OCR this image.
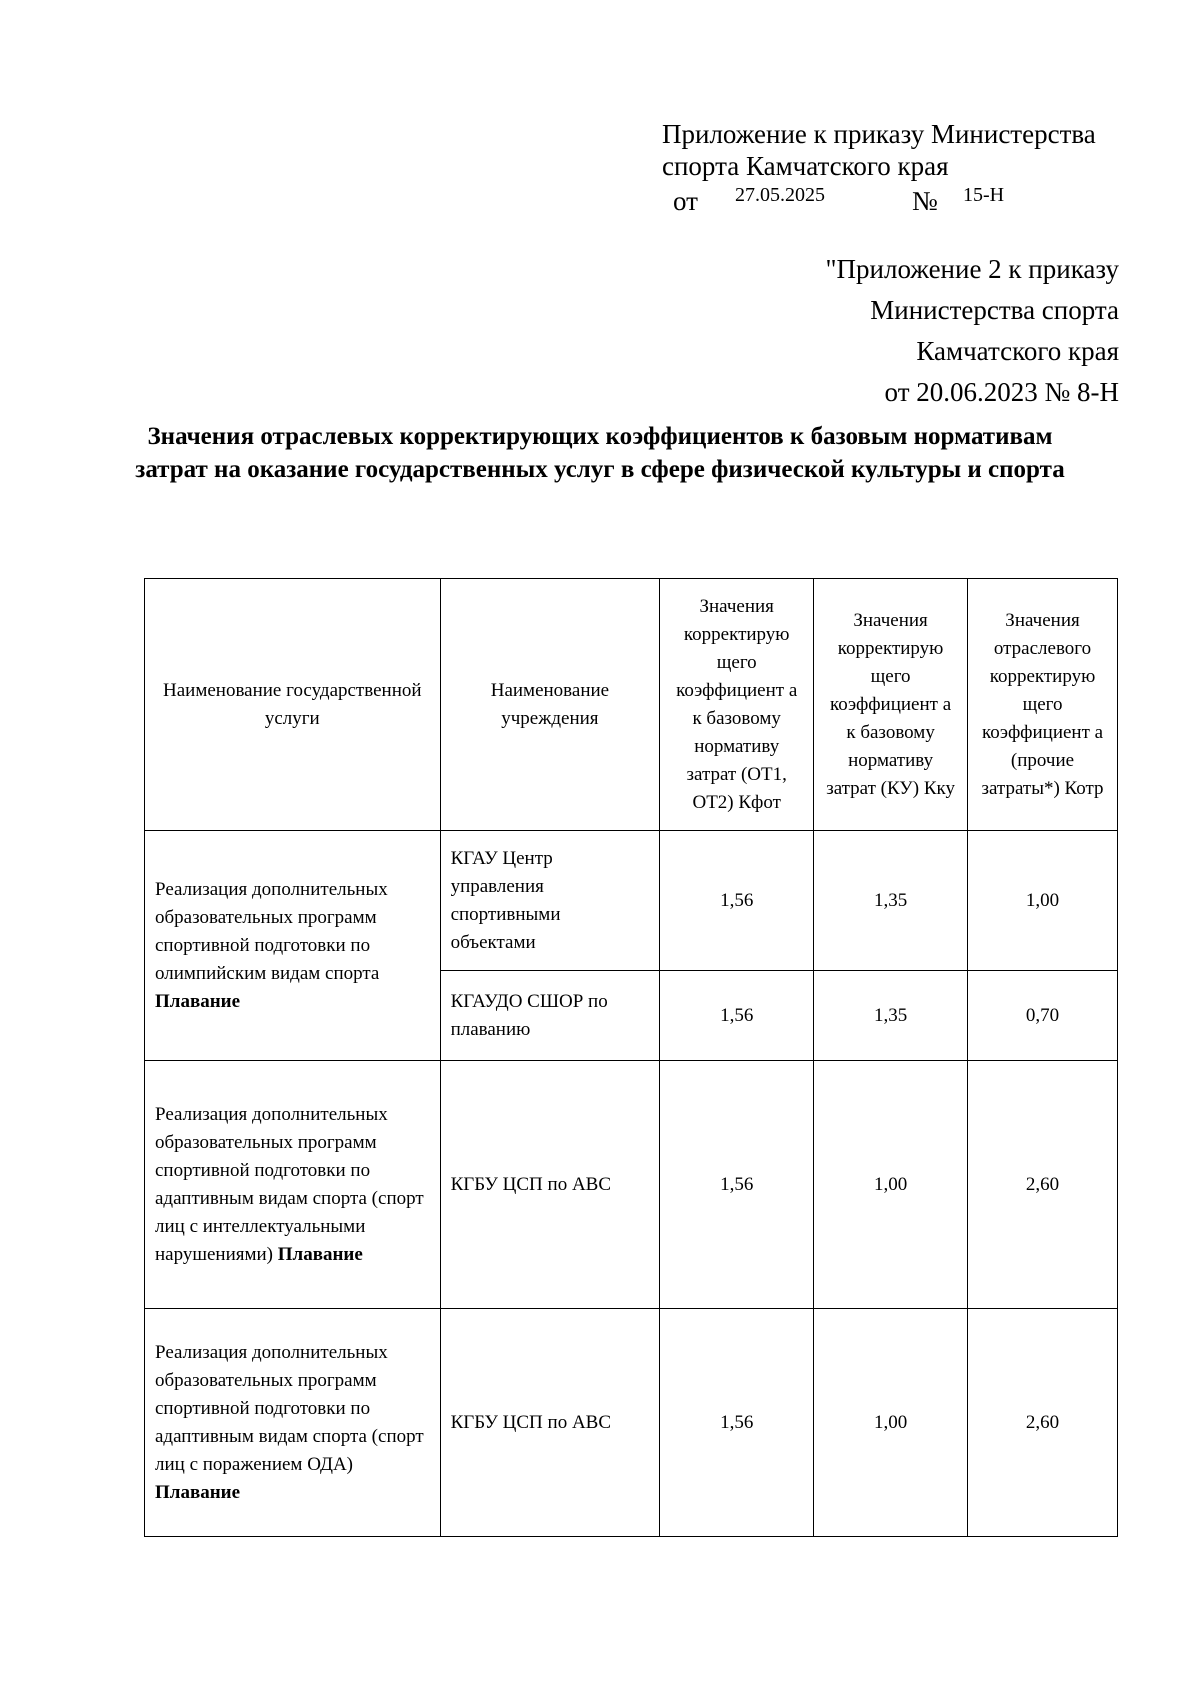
Приложение к приказу Министерства
спорта Камчатского края
от 27.05.2025	№ 15-Н
"Приложение 2 к приказу
Министерства спорта
Камчатского края
от 20.06.2023 № 8-Н
Значения отраслевых корректирующих коэффициентов к базовым нормативам затрат на оказание государственных услуг в сфере физической культуры и спорта
Наименование государственной услуги	Наименование учреждения	Значения корректирую щего коэффициент а к базовому нормативу затрат (ОТ1, ОТ2) Кфот	Значения корректирую щего коэффициент а к базовому нормативу затрат (КУ) Кку	Значения отраслевого корректирую щего коэффициент а (прочие затраты*) Котр
Реализация дополнительных образовательных программ спортивной подготовки по олимпийским видам спорта Плавание	КГАУ Центр управления спортивными объектами	1,56	1,35	1,00
	КГАУДО СШОР по плаванию	1,56	1,35	0,70
Реализация дополнительных образовательных программ спортивной подготовки по адаптивным видам спорта (спорт лиц с интеллектуальными нарушениями) Плавание	КГБУ ЦСП по АВС	1,56	1,00	2,60
Реализация дополнительных образовательных программ спортивной подготовки по адаптивным видам спорта (спорт лиц с поражением ОДА) Плавание	КГБУ ЦСП по АВС	1,56	1,00	2,60
